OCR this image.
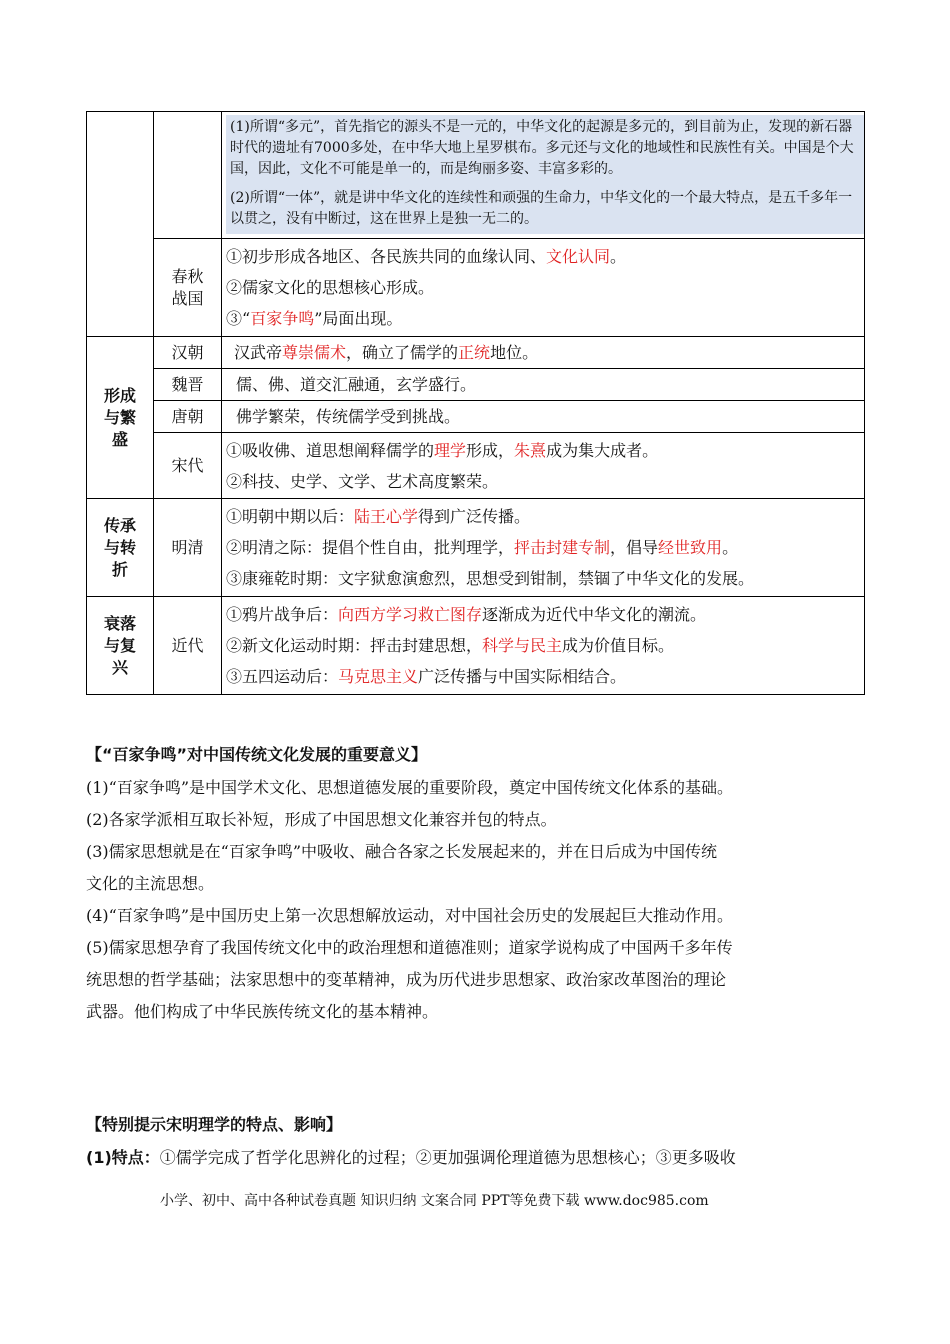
		(1)所谓“多元”，首先指它的源头不是一元的，中华文化的起源是多元的，到目前为止，发现的新石器时代的遗址有7000多处，在中华大地上星罗棋布。多元还与文化的地域性和民族性有关。中国是个大国，因此，文化不可能是单一的，而是绚丽多姿、丰富多彩的。

(2)所谓“一体”，就是讲中华文化的连续性和顽强的生命力，中华文化的一个最大特点，是五千多年一以贯之，没有中断过，这在世界上是独一无二的。

	春秋战国	①初步形成各地区、各民族共同的血缘认同、文化认同。
②儒家文化的思想核心形成。
③“百家争鸣”局面出现。

形成与繁盛	汉朝	汉武帝尊崇儒术，确立了儒学的正统地位。

	魏晋	儒、佛、道交汇融通，玄学盛行。

	唐朝	佛学繁荣，传统儒学受到挑战。

	宋代	①吸收佛、道思想阐释儒学的理学形成，朱熹成为集大成者。
②科技、史学、文学、艺术高度繁荣。

传承与转折	明清	①明朝中期以后：陆王心学得到广泛传播。
②明清之际：提倡个性自由，批判理学，抨击封建专制，倡导经世致用。
③康雍乾时期：文字狱愈演愈烈，思想受到钳制，禁锢了中华文化的发展。

衰落与复兴	近代	①鸦片战争后：向西方学习救亡图存逐渐成为近代中华文化的潮流。
②新文化运动时期：抨击封建思想，科学与民主成为价值目标。
③五四运动后：马克思主义广泛传播与中国实际相结合。
【“百家争鸣”对中国传统文化发展的重要意义】
(1)“百家争鸣”是中国学术文化、思想道德发展的重要阶段，奠定中国传统文化体系的基础。
(2)各家学派相互取长补短，形成了中国思想文化兼容并包的特点。
(3)儒家思想就是在“百家争鸣”中吸收、融合各家之长发展起来的，并在日后成为中国传统
文化的主流思想。
(4)“百家争鸣”是中国历史上第一次思想解放运动，对中国社会历史的发展起巨大推动作用。
(5)儒家思想孕育了我国传统文化中的政治理想和道德准则；道家学说构成了中国两千多年传
统思想的哲学基础；法家思想中的变革精神，成为历代进步思想家、政治家改革图治的理论
武器。他们构成了中华民族传统文化的基本精神。
【特别提示宋明理学的特点、影响】
(1)特点：①儒学完成了哲学化思辨化的过程；②更加强调伦理道德为思想核心；③更多吸收
小学、初中、高中各种试卷真题 知识归纳 文案合同 PPT等免费下载 www.doc985.com
